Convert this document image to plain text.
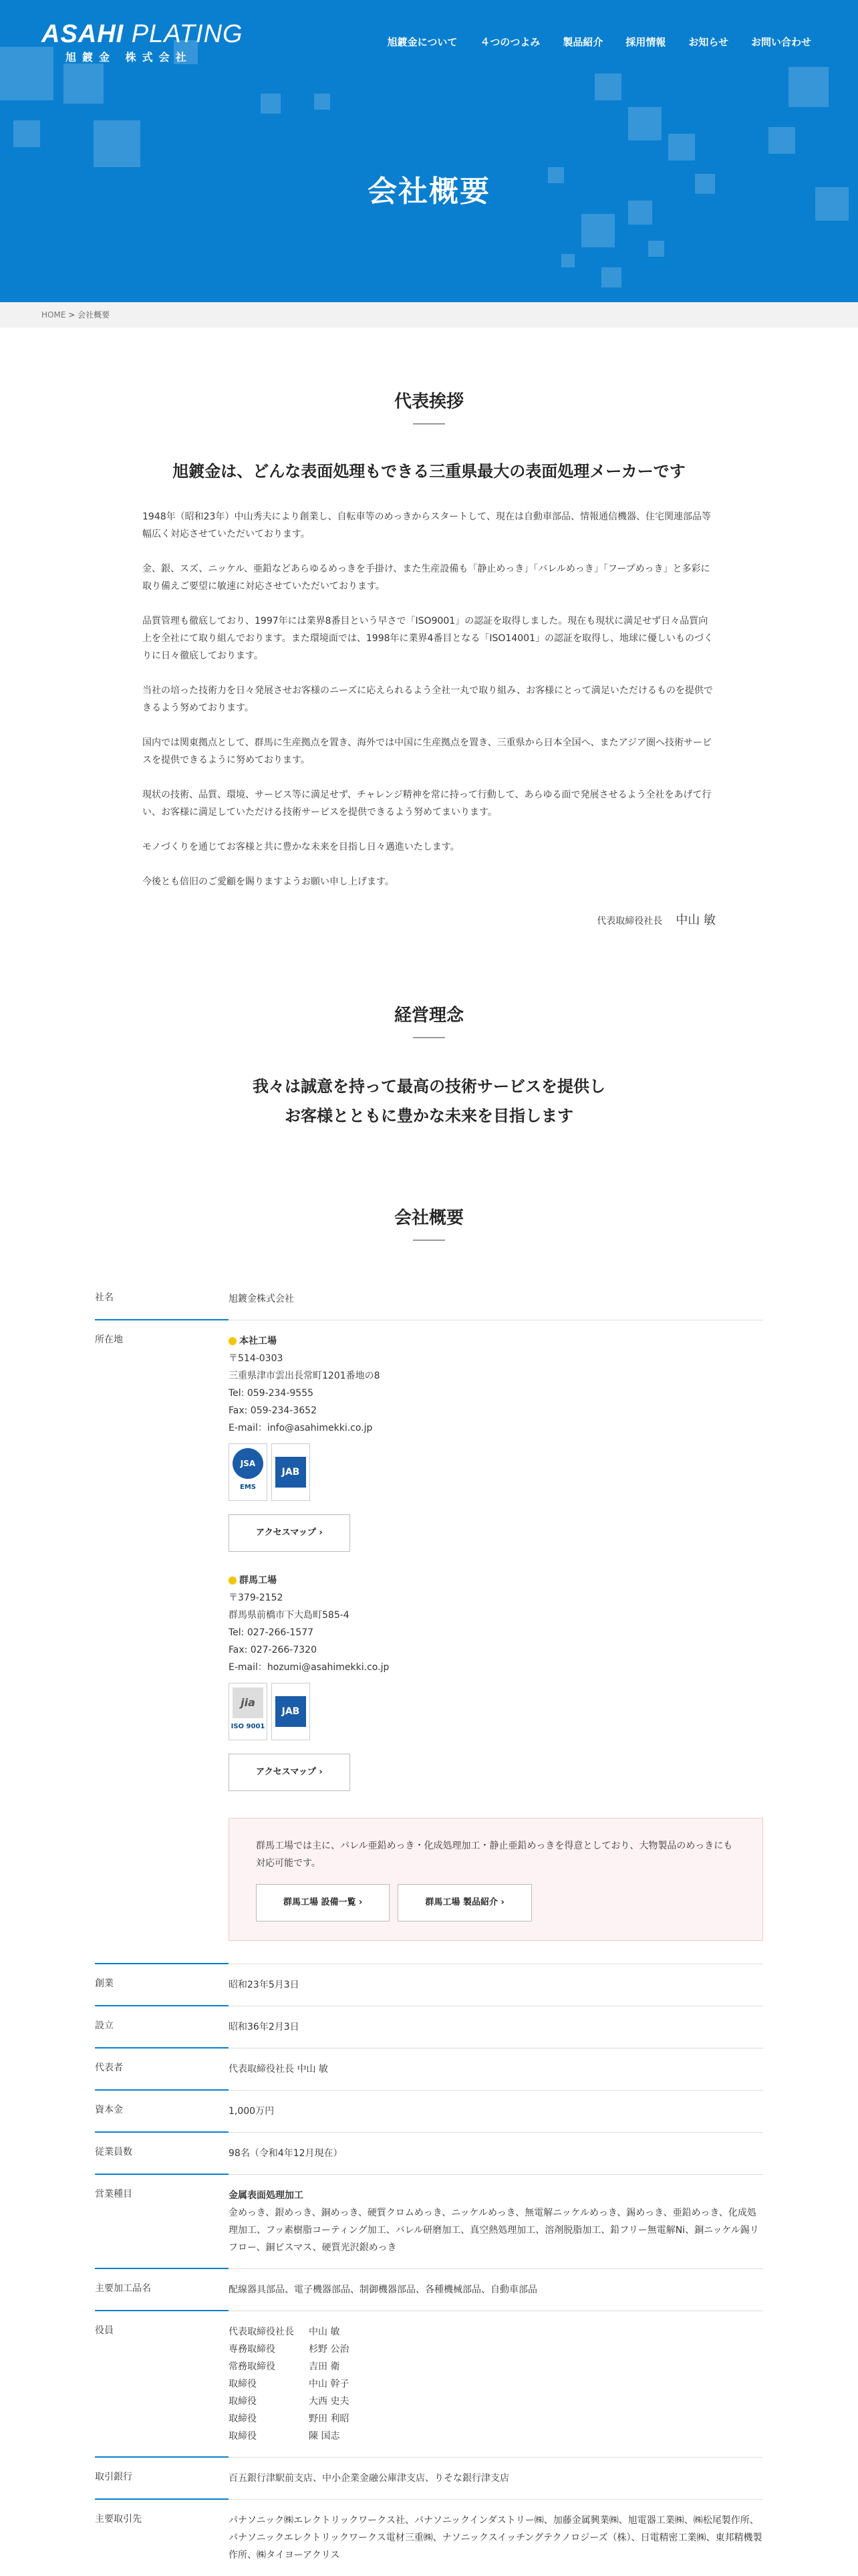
ASAHI PLATING
旭鍍金 株式会社
旭鍍金について ４つのつよみ 製品紹介 採用情報 お知らせ お問い合わせ
会社概要
HOME > 会社概要
代表挨拶
旭鍍金は、どんな表面処理もできる三重県最大の表面処理メーカーです

1948年（昭和23年）中山秀夫により創業し、自転車等のめっきからスタートして、現在は自動車部品、情報通信機器、住宅関連部品等幅広く対応させていただいております。

金、銀、スズ、ニッケル、亜鉛などあらゆるめっきを手掛け、また生産設備も「静止めっき」「バレルめっき」「フープめっき」と多彩に取り備えご要望に敏速に対応させていただいております。

品質管理も徹底しており、1997年には業界8番目という早さで「ISO9001」の認証を取得しました。現在も現状に満足せず日々品質向上を全社にて取り組んでおります。また環境面では、1998年に業界4番目となる「ISO14001」の認証を取得し、地球に優しいものづくりに日々徹底しております。

当社の培った技術力を日々発展させお客様のニーズに応えられるよう全社一丸で取り組み、お客様にとって満足いただけるものを提供できるよう努めております。

国内では関東拠点として、群馬に生産拠点を置き、海外では中国に生産拠点を置き、三重県から日本全国へ、またアジア圏へ技術サービスを提供できるように努めております。

現状の技術、品質、環境、サービス等に満足せず、チャレンジ精神を常に持って行動して、あらゆる面で発展させるよう全社をあげて行い、お客様に満足していただける技術サービスを提供できるよう努めてまいります。

モノづくりを通じてお客様と共に豊かな未来を目指し日々邁進いたします。

今後とも倍旧のご愛顧を賜りますようお願い申し上げます。

代表取締役社長 中山 敏
経営理念
我々は誠意を持って最高の技術サービスを提供し
お客様とともに豊かな未来を目指します
会社概要
社名	旭鍍金株式会社
所在地	本社工場
〒514-0303
三重県津市雲出長常町1201番地の8
Tel: 059-234-9555
Fax: 059-234-3652
E-mail：info@asahimekki.co.jp
JSA
EMS
JAB
アクセスマップ ›
群馬工場
〒379-2152
群馬県前橋市下大島町585-4
Tel: 027-266-1577
Fax: 027-266-7320
E-mail：hozumi@asahimekki.co.jp
jia
ISO 9001
JAB
アクセスマップ ›
群馬工場では主に、バレル亜鉛めっき・化成処理加工・静止亜鉛めっきを得意としており、大物製品のめっきにも対応可能です。
群馬工場 設備一覧 ›	群馬工場 製品紹介 ›
創業	昭和23年5月3日
設立	昭和36年2月3日
代表者	代表取締役社長 中山 敏
資本金	1,000万円
従業員数	98名（令和4年12月現在）
営業種目	金属表面処理加工
金めっき、銀めっき、銅めっき、硬質クロムめっき、ニッケルめっき、無電解ニッケルめっき、錫めっき、亜鉛めっき、化成処理加工、フッ素樹脂コーティング加工、バレル研磨加工、真空熱処理加工、溶剤脱脂加工、鉛フリー無電解Ni、銅ニッケル錫リフロー、銅ビスマス、硬質光沢銀めっき
主要加工品名	配線器具部品、電子機器部品、制御機器部品、各種機械部品、自動車部品
役員	代表取締役社長	中山 敏
専務取締役	杉野 公治
常務取締役	吉田 衛
取締役	中山 幹子
取締役	大西 史夫
取締役	野田 利昭
取締役	陳 国志
取引銀行	百五銀行津駅前支店、中小企業金融公庫津支店、りそな銀行津支店
主要取引先	パナソニック㈱エレクトリックワークス社、パナソニックインダストリー㈱、加藤金属興業㈱、旭電器工業㈱、㈱松尾製作所、パナソニックエレクトリックワークス電材三重㈱、ナソニックスイッチングテクノロジーズ（株）、日電精密工業㈱、東邦精機製作所、㈱タイヨーアクリス
